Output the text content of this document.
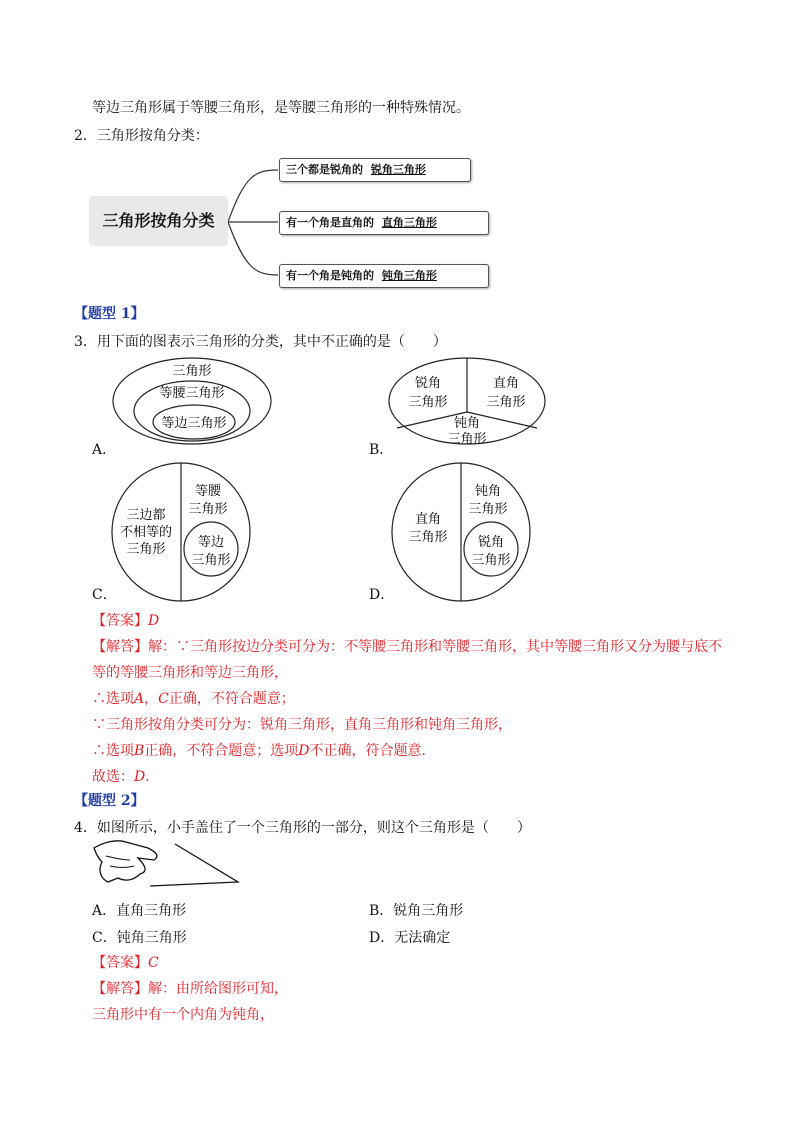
等边三角形属于等腰三角形，是等腰三角形的一种特殊情况。
2．三角形按角分类：
三角形按角分类
三个都是锐角的 锐角三角形
有一个角是直角的 直角三角形
有一个角是钝角的 钝角三角形
【题型 1】
3．用下面的图表示三角形的分类，其中不正确的是（　　）
三角形
等腰三角形
等边三角形
A．
锐角
三角形
直角
三角形
钝角
三角形
B．
三边都
不相等的
三角形
等腰
三角形
等边
三角形
C．
直角
三角形
钝角
三角形
锐角
三角形
D．
【答案】D
【解答】解：∵三角形按边分类可分为：不等腰三角形和等腰三角形，其中等腰三角形又分为腰与底不
等的等腰三角形和等边三角形，
∴选项A，C正确，不符合题意；
∵三角形按角分类可分为：锐角三角形，直角三角形和钝角三角形，
∴选项B正确，不符合题意；选项D不正确，符合题意．
故选：D．
【题型 2】
4．如图所示，小手盖住了一个三角形的一部分，则这个三角形是（　　）
A．直角三角形	B．锐角三角形
C．钝角三角形	D．无法确定
【答案】C
【解答】解：由所给图形可知，
三角形中有一个内角为钝角，
